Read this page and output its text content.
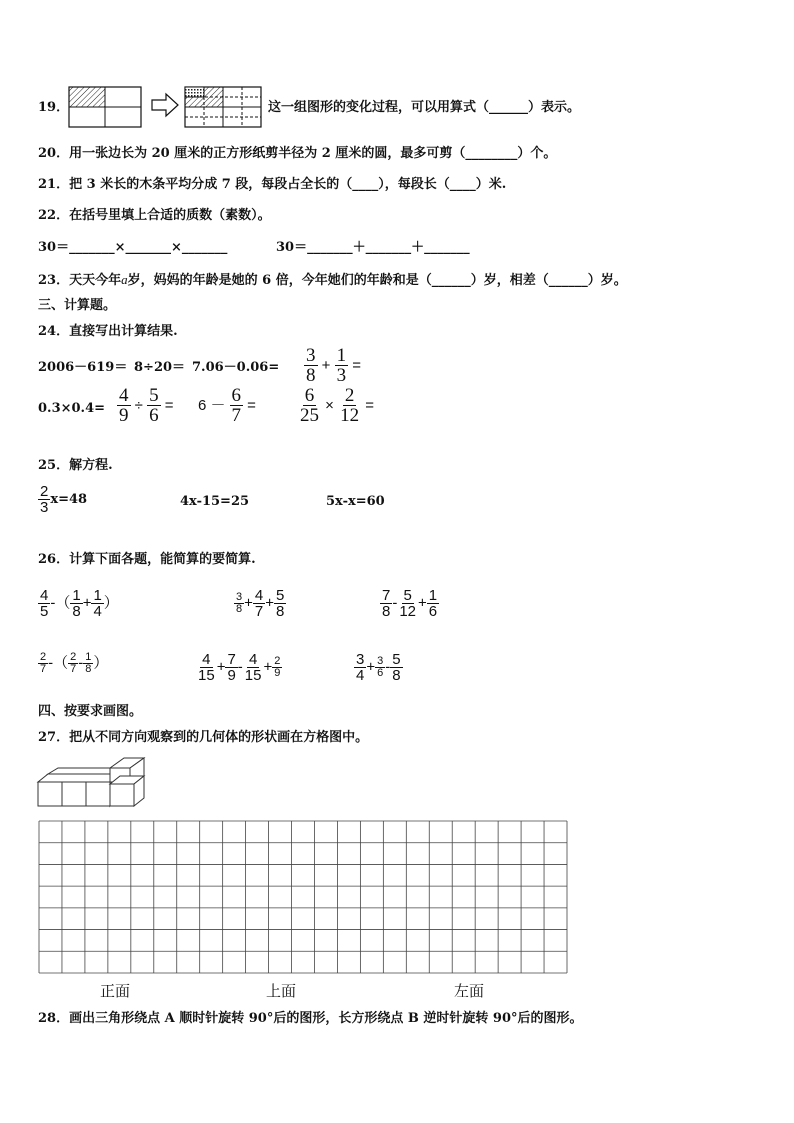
19．	这一组图形的变化过程，可以用算式（______）表示。
20．用一张边长为 20 厘米的正方形纸剪半径为 2 厘米的圆，最多可剪（________）个。
21．把 3 米长的木条平均分成 7 段，每段占全长的（____），每段长（____）米.
22．在括号里填上合适的质数（素数）。
30＝_______×_______×_______	30＝_______＋_______＋_______
23．天天今年a岁，妈妈的年龄是她的 6 倍，今年她们的年龄和是（______）岁，相差（______）岁。
三、计算题。
24．直接写出计算结果.
$2006-619= 8\div 20= 7.06-0.06= \frac{3}{8} + \frac{1}{3}$ =
$0.3\times 0.4= \frac{4}{9} \div \frac{5}{6} = 6 - \frac{6}{7} = \frac{6}{25} \times \frac{2}{12}$ =
25．解方程.
$\frac{2}{3} x=48$	4x-15=25	5x-x=60
26．计算下面各题，能简算的要简算.
$\frac{4}{5}$ -（ $\frac{1}{8} + \frac{1}{4}$ ）	$\frac{3}{8} + \frac{4}{7} + \frac{5}{8}$	$\frac{7}{8} - \frac{5}{12} + \frac{1}{6}$
$\frac{2}{7}$ -（ $\frac{2}{7} - \frac{1}{8}$ ）	$\frac{4}{15} + \frac{7}{9} - \frac{4}{15} + \frac{2}{9}$	$\frac{3}{4} + \frac{3}{6} - \frac{5}{8}$
四、按要求画图。
27．把从不同方向观察到的几何体的形状画在方格图中。
正面	上面	左面
28．画出三角形绕点 A 顺时针旋转 90°后的图形，长方形绕点 B 逆时针旋转 90°后的图形。
